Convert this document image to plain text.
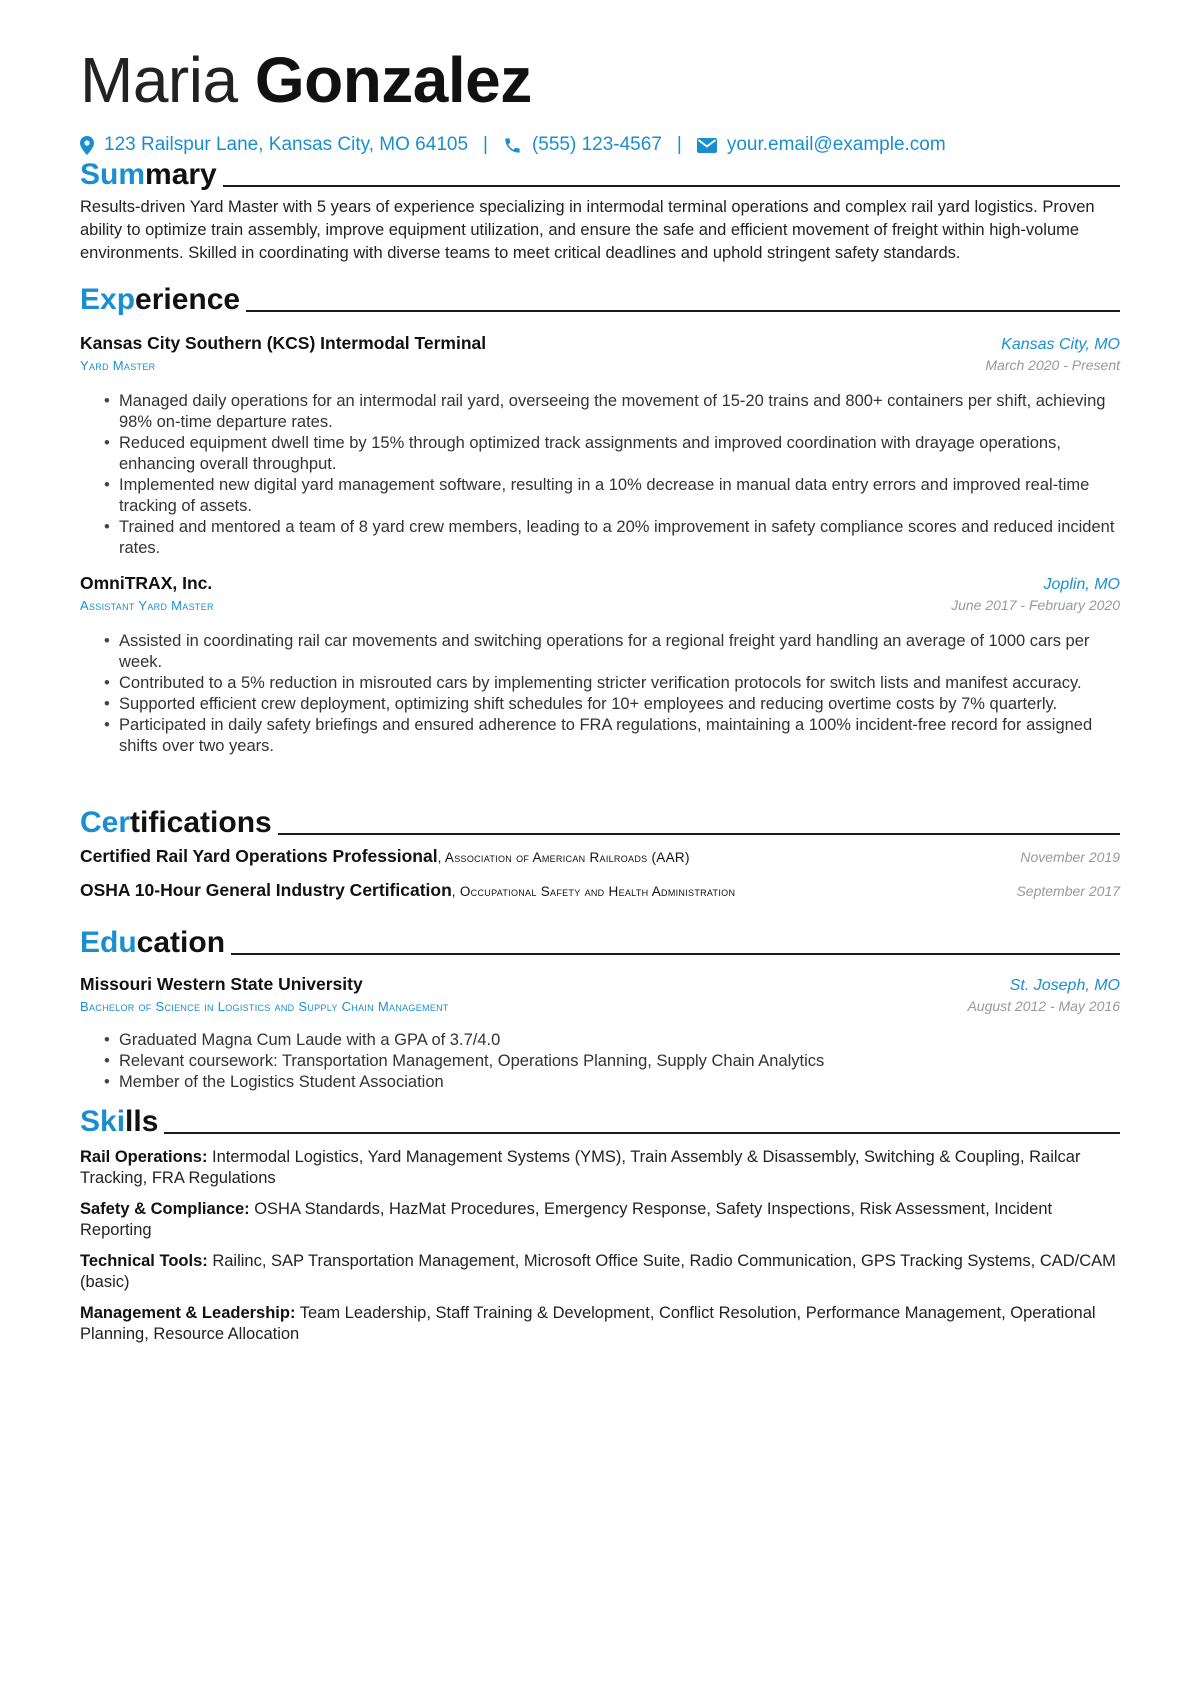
Maria Gonzalez
123 Railspur Lane, Kansas City, MO 64105 | (555) 123-4567 | your.email@example.com
Summary

Results-driven Yard Master with 5 years of experience specializing in intermodal terminal operations and complex rail yard logistics. Proven ability to optimize train assembly, improve equipment utilization, and ensure the safe and efficient movement of freight within high-volume environments. Skilled in coordinating with diverse teams to meet critical deadlines and uphold stringent safety standards.

Experience
Kansas City Southern (KCS) Intermodal Terminal	Kansas City, MO
Yard Master	March 2020 - Present
• Managed daily operations for an intermodal rail yard, overseeing the movement of 15-20 trains and 800+ containers per shift, achieving 98% on-time departure rates.
• Reduced equipment dwell time by 15% through optimized track assignments and improved coordination with drayage operations, enhancing overall throughput.
• Implemented new digital yard management software, resulting in a 10% decrease in manual data entry errors and improved real-time tracking of assets.
• Trained and mentored a team of 8 yard crew members, leading to a 20% improvement in safety compliance scores and reduced incident rates.
OmniTRAX, Inc.	Joplin, MO
Assistant Yard Master	June 2017 - February 2020
• Assisted in coordinating rail car movements and switching operations for a regional freight yard handling an average of 1000 cars per week.
• Contributed to a 5% reduction in misrouted cars by implementing stricter verification protocols for switch lists and manifest accuracy.
• Supported efficient crew deployment, optimizing shift schedules for 10+ employees and reducing overtime costs by 7% quarterly.
• Participated in daily safety briefings and ensured adherence to FRA regulations, maintaining a 100% incident-free record for assigned shifts over two years.
Certifications
Certified Rail Yard Operations Professional, Association of American Railroads (AAR)	November 2019
OSHA 10-Hour General Industry Certification, Occupational Safety and Health Administration	September 2017
Education
Missouri Western State University	St. Joseph, MO
Bachelor of Science in Logistics and Supply Chain Management	August 2012 - May 2016
• Graduated Magna Cum Laude with a GPA of 3.7/4.0
• Relevant coursework: Transportation Management, Operations Planning, Supply Chain Analytics
• Member of the Logistics Student Association
Skills

Rail Operations: Intermodal Logistics, Yard Management Systems (YMS), Train Assembly & Disassembly, Switching & Coupling, Railcar Tracking, FRA Regulations

Safety & Compliance: OSHA Standards, HazMat Procedures, Emergency Response, Safety Inspections, Risk Assessment, Incident Reporting

Technical Tools: Railinc, SAP Transportation Management, Microsoft Office Suite, Radio Communication, GPS Tracking Systems, CAD/CAM (basic)

Management & Leadership: Team Leadership, Staff Training & Development, Conflict Resolution, Performance Management, Operational Planning, Resource Allocation
